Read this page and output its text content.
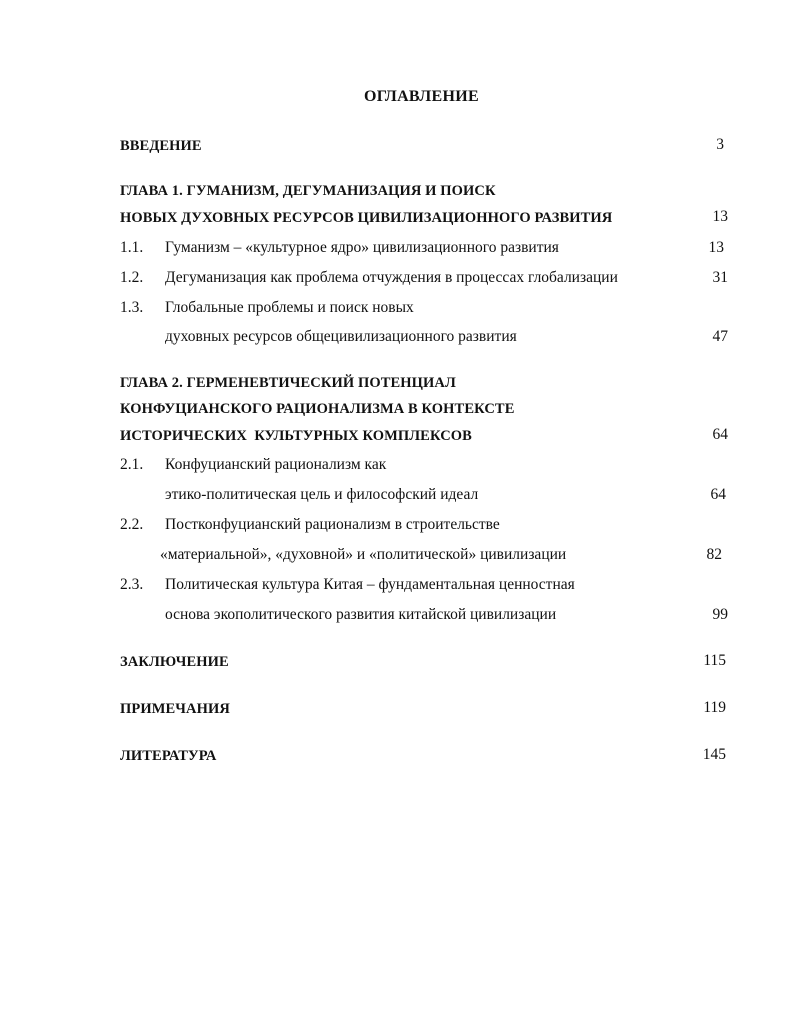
ОГЛАВЛЕНИЕ
ВВЕДЕНИЕ	3
ГЛАВА 1. ГУМАНИЗМ, ДЕГУМАНИЗАЦИЯ И ПОИСК
НОВЫХ ДУХОВНЫХ РЕСУРСОВ ЦИВИЛИЗАЦИОННОГО РАЗВИТИЯ	13
1.1. Гуманизм – «культурное ядро» цивилизационного развития	13
1.2. Дегуманизация как проблема отчуждения в процессах глобализации	31
1.3. Глобальные проблемы и поиск новых
духовных ресурсов общецивилизационного развития	47
ГЛАВА 2. ГЕРМЕНЕВТИЧЕСКИЙ ПОТЕНЦИАЛ
КОНФУЦИАНСКОГО РАЦИОНАЛИЗМА В КОНТЕКСТЕ
ИСТОРИЧЕСКИХ  КУЛЬТУРНЫХ КОМПЛЕКСОВ	64
2.1. Конфуцианский рационализм как
этико-политическая цель и философский идеал	64
2.2. Постконфуцианский рационализм в строительстве
«материальной», «духовной» и «политической» цивилизации	82
2.3. Политическая культура Китая – фундаментальная ценностная
основа экополитического развития китайской цивилизации	99
ЗАКЛЮЧЕНИЕ	115
ПРИМЕЧАНИЯ	119
ЛИТЕРАТУРА	145
